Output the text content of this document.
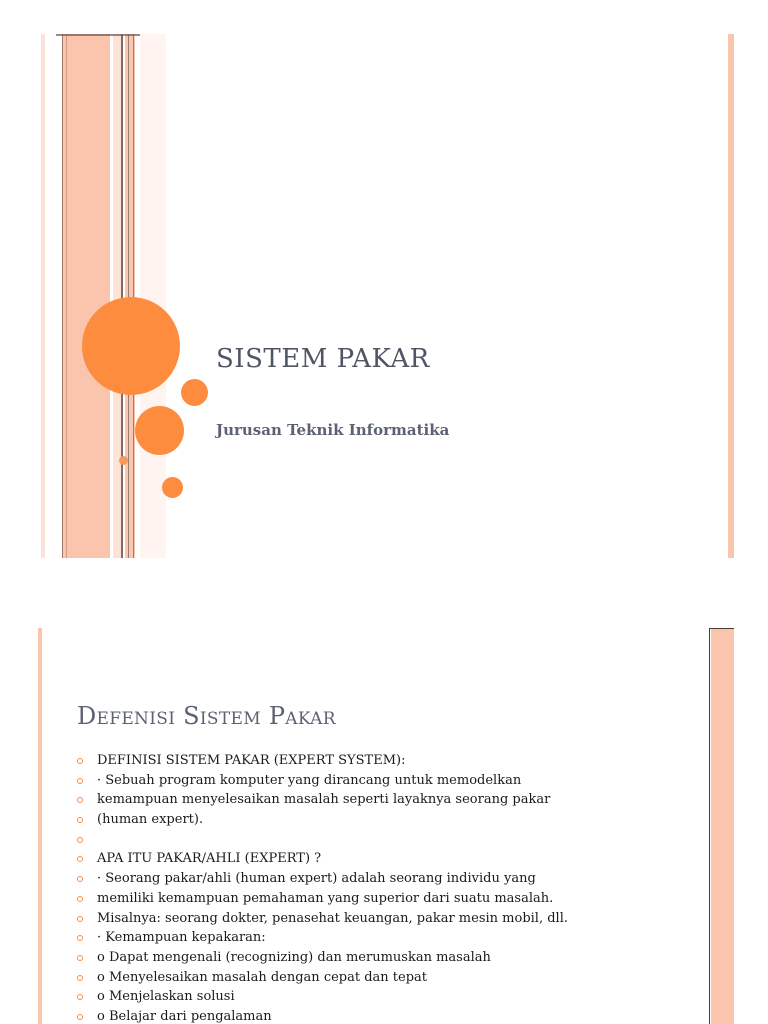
SISTEM PAKAR
Jurusan Teknik Informatika
Defenisi Sistem Pakar
DEFINISI SISTEM PAKAR (EXPERT SYSTEM):
· Sebuah program komputer yang dirancang untuk memodelkan
kemampuan menyelesaikan masalah seperti layaknya seorang pakar
(human expert).
APA ITU PAKAR/AHLI (EXPERT) ?
· Seorang pakar/ahli (human expert) adalah seorang individu yang
memiliki kemampuan pemahaman yang superior dari suatu masalah.
Misalnya: seorang dokter, penasehat keuangan, pakar mesin mobil, dll.
· Kemampuan kepakaran:
o Dapat mengenali (recognizing) dan merumuskan masalah
o Menyelesaikan masalah dengan cepat dan tepat
o Menjelaskan solusi
o Belajar dari pengalaman
